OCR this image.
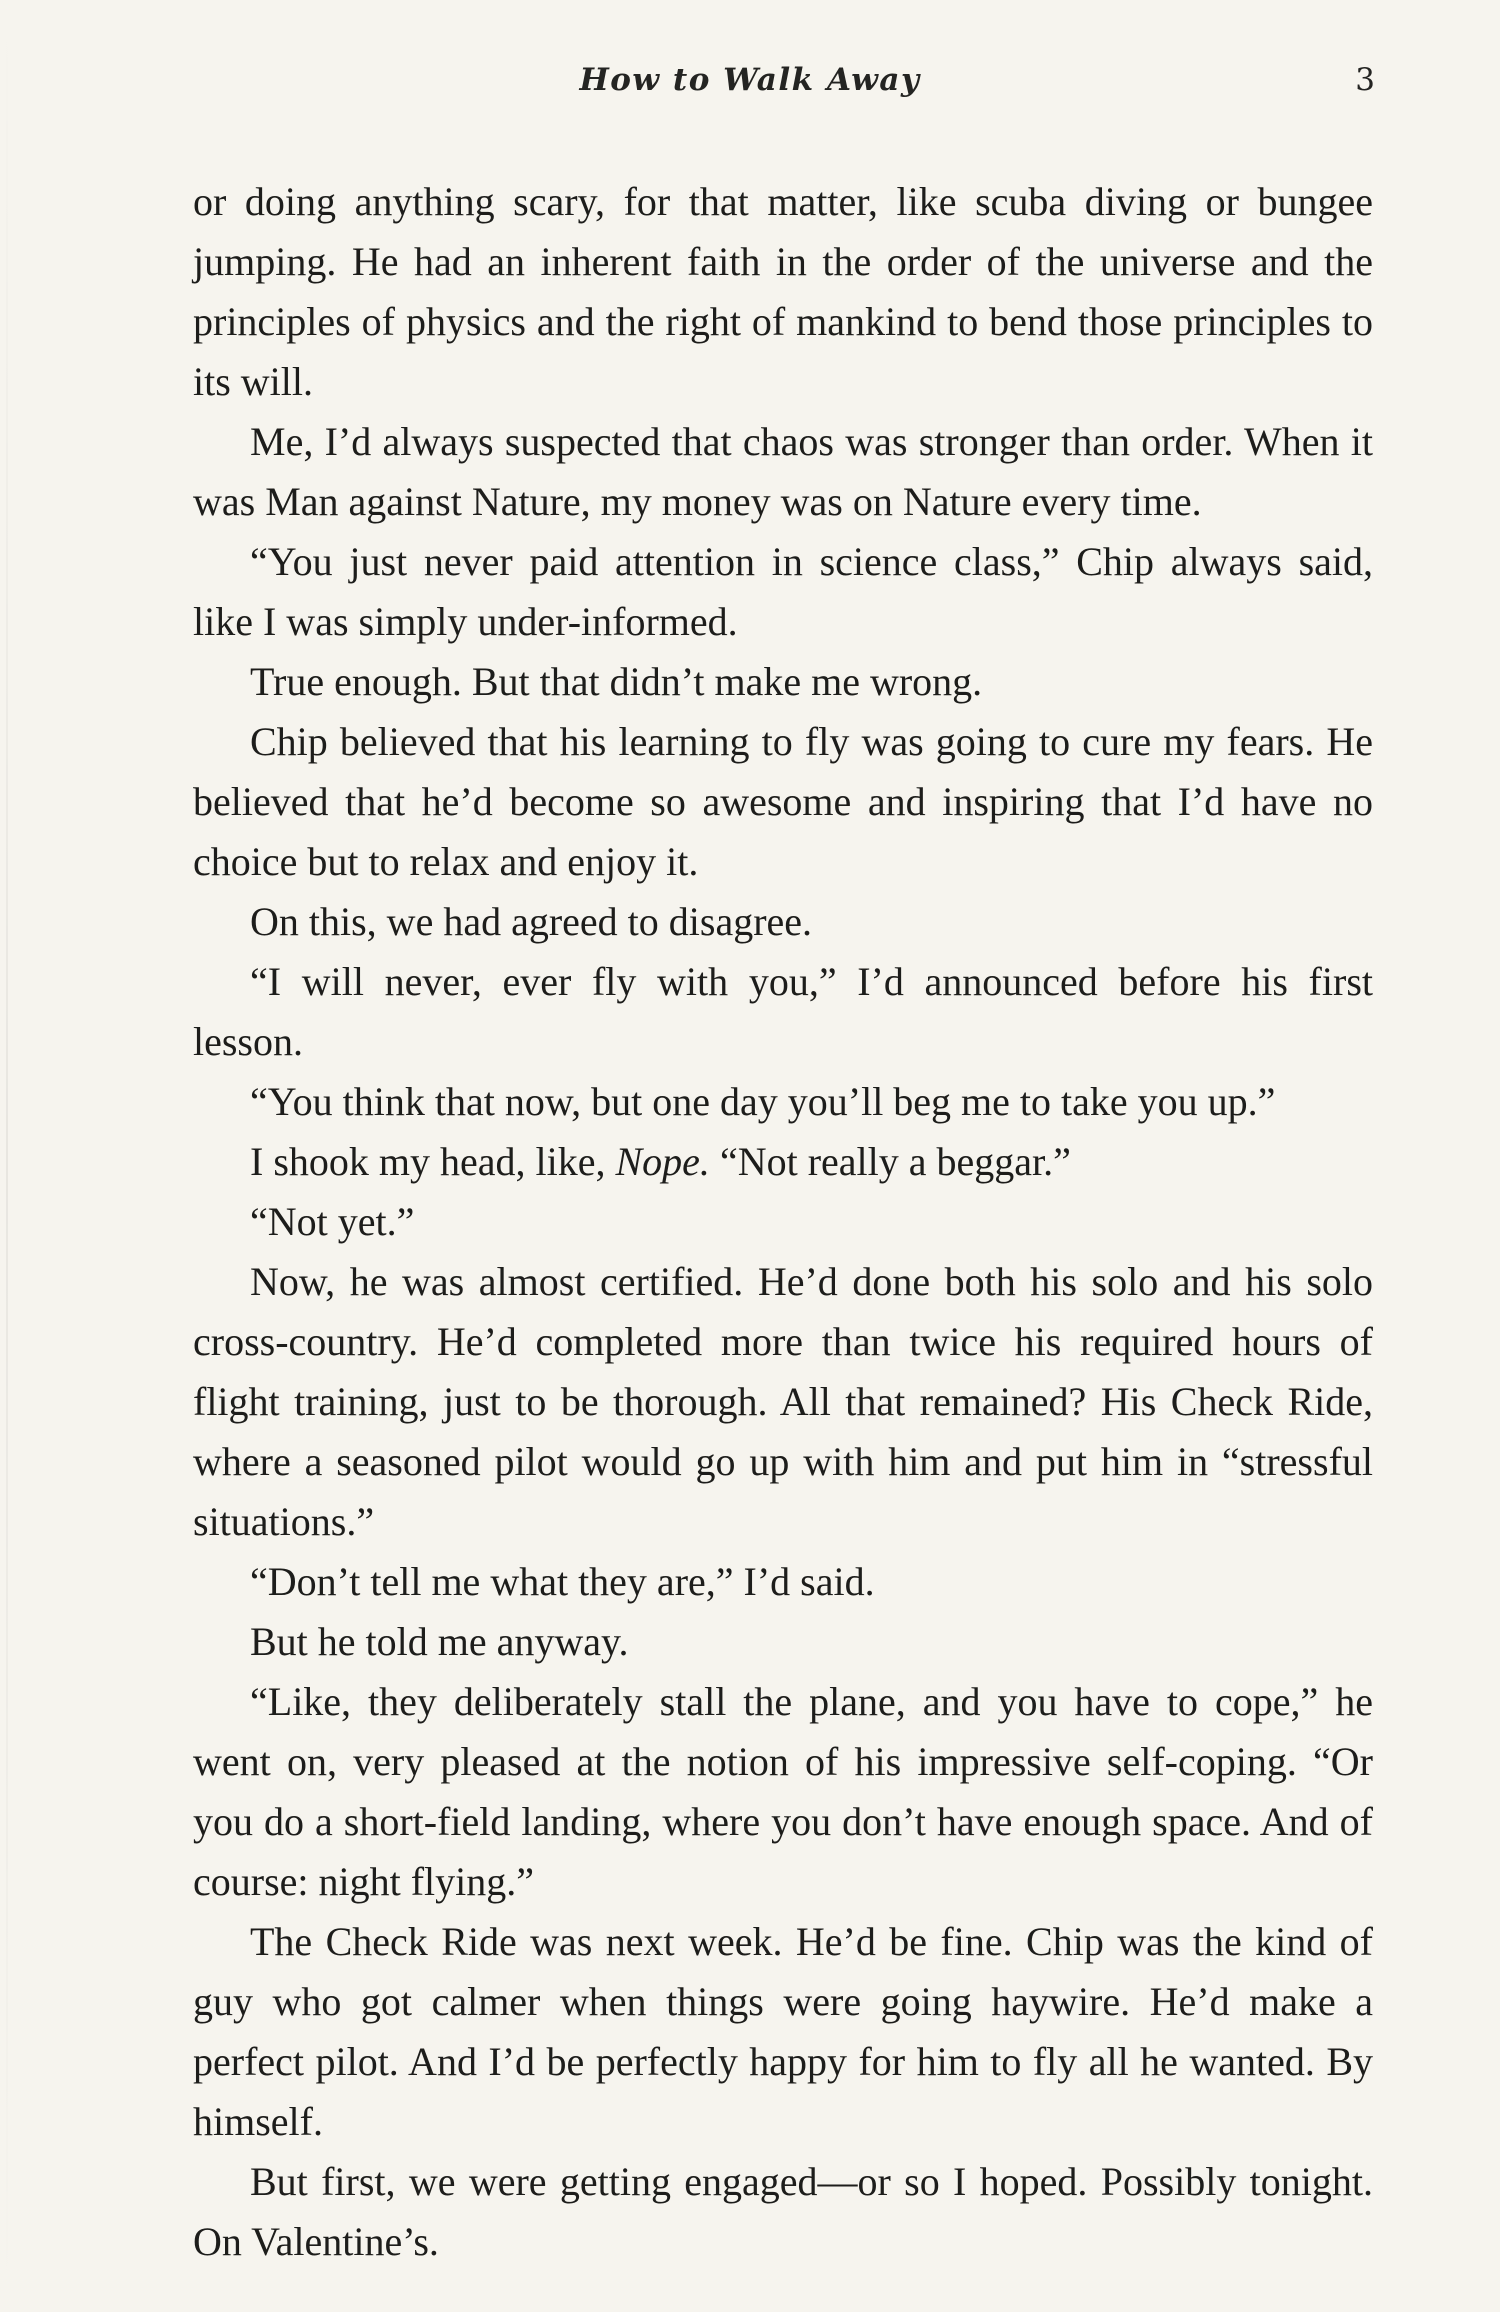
How to Walk Away	3

or doing anything scary, for that matter, like scuba diving or bungee jumping. He had an inherent faith in the order of the universe and the principles of physics and the right of mankind to bend those principles to its will.

Me, I’d always suspected that chaos was stronger than order. When it was Man against Nature, my money was on Nature every time.

“You just never paid attention in science class,” Chip always said, like I was simply under-informed.

True enough. But that didn’t make me wrong.

Chip believed that his learning to fly was going to cure my fears. He believed that he’d become so awesome and inspiring that I’d have no choice but to relax and enjoy it.

On this, we had agreed to disagree.

“I will never, ever fly with you,” I’d announced before his first lesson.

“You think that now, but one day you’ll beg me to take you up.”

I shook my head, like, Nope. “Not really a beggar.”

“Not yet.”

Now, he was almost certified. He’d done both his solo and his solo cross-country. He’d completed more than twice his required hours of flight training, just to be thorough. All that remained? His Check Ride, where a seasoned pilot would go up with him and put him in “stressful situations.”

“Don’t tell me what they are,” I’d said.

But he told me anyway.

“Like, they deliberately stall the plane, and you have to cope,” he went on, very pleased at the notion of his impressive self-coping. “Or you do a short-field landing, where you don’t have enough space. And of course: night flying.”

The Check Ride was next week. He’d be fine. Chip was the kind of guy who got calmer when things were going haywire. He’d make a perfect pilot. And I’d be perfectly happy for him to fly all he wanted. By himself.

But first, we were getting engaged—or so I hoped. Possibly tonight. On Valentine’s.
